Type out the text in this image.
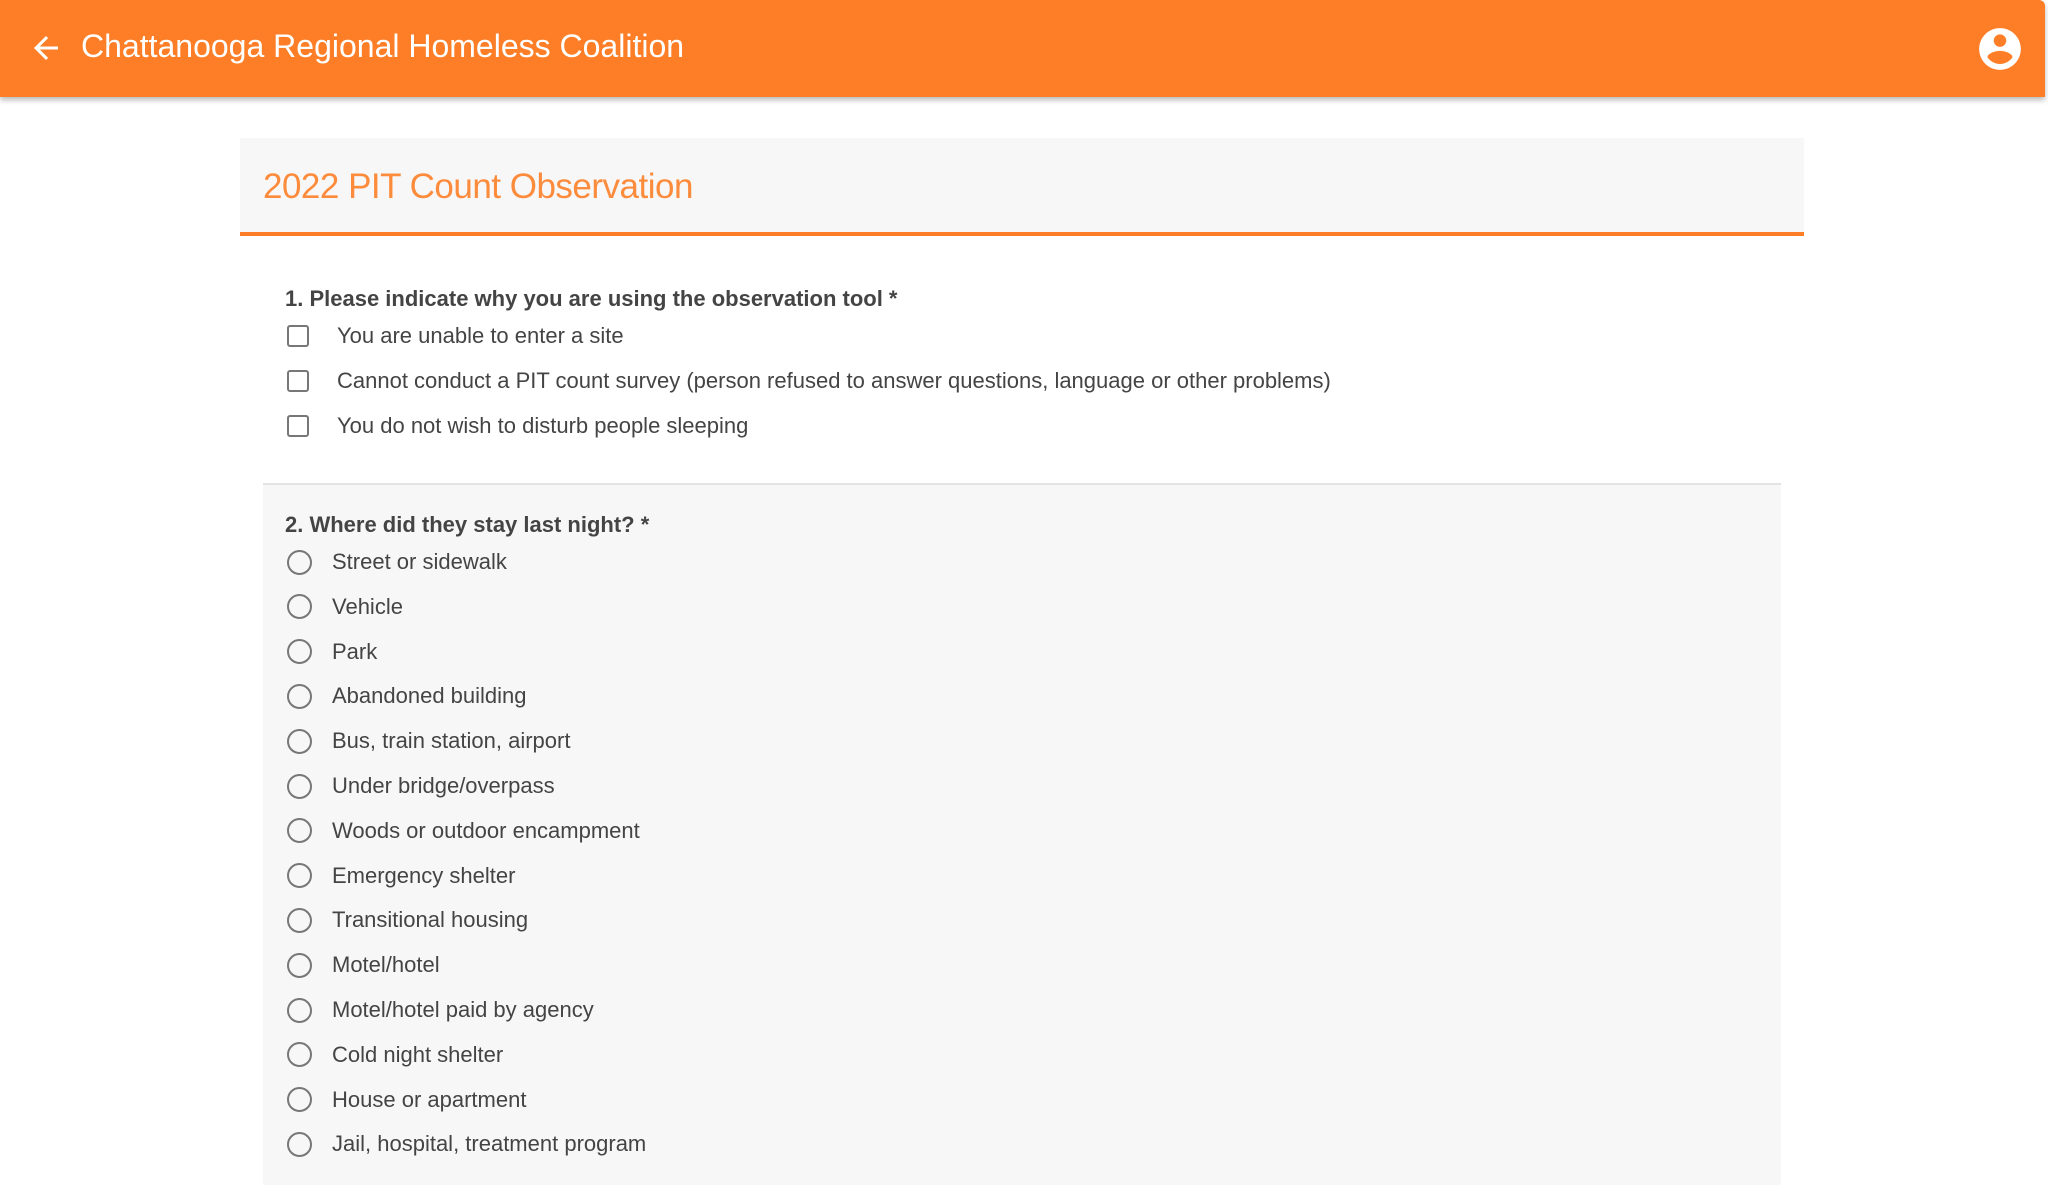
Chattanooga Regional Homeless Coalition
2022 PIT Count Observation
1. Please indicate why you are using the observation tool *
You are unable to enter a site
Cannot conduct a PIT count survey (person refused to answer questions, language or other problems)
You do not wish to disturb people sleeping
2. Where did they stay last night? *
Street or sidewalk
Vehicle
Park
Abandoned building
Bus, train station, airport
Under bridge/overpass
Woods or outdoor encampment
Emergency shelter
Transitional housing
Motel/hotel
Motel/hotel paid by agency
Cold night shelter
House or apartment
Jail, hospital, treatment program
